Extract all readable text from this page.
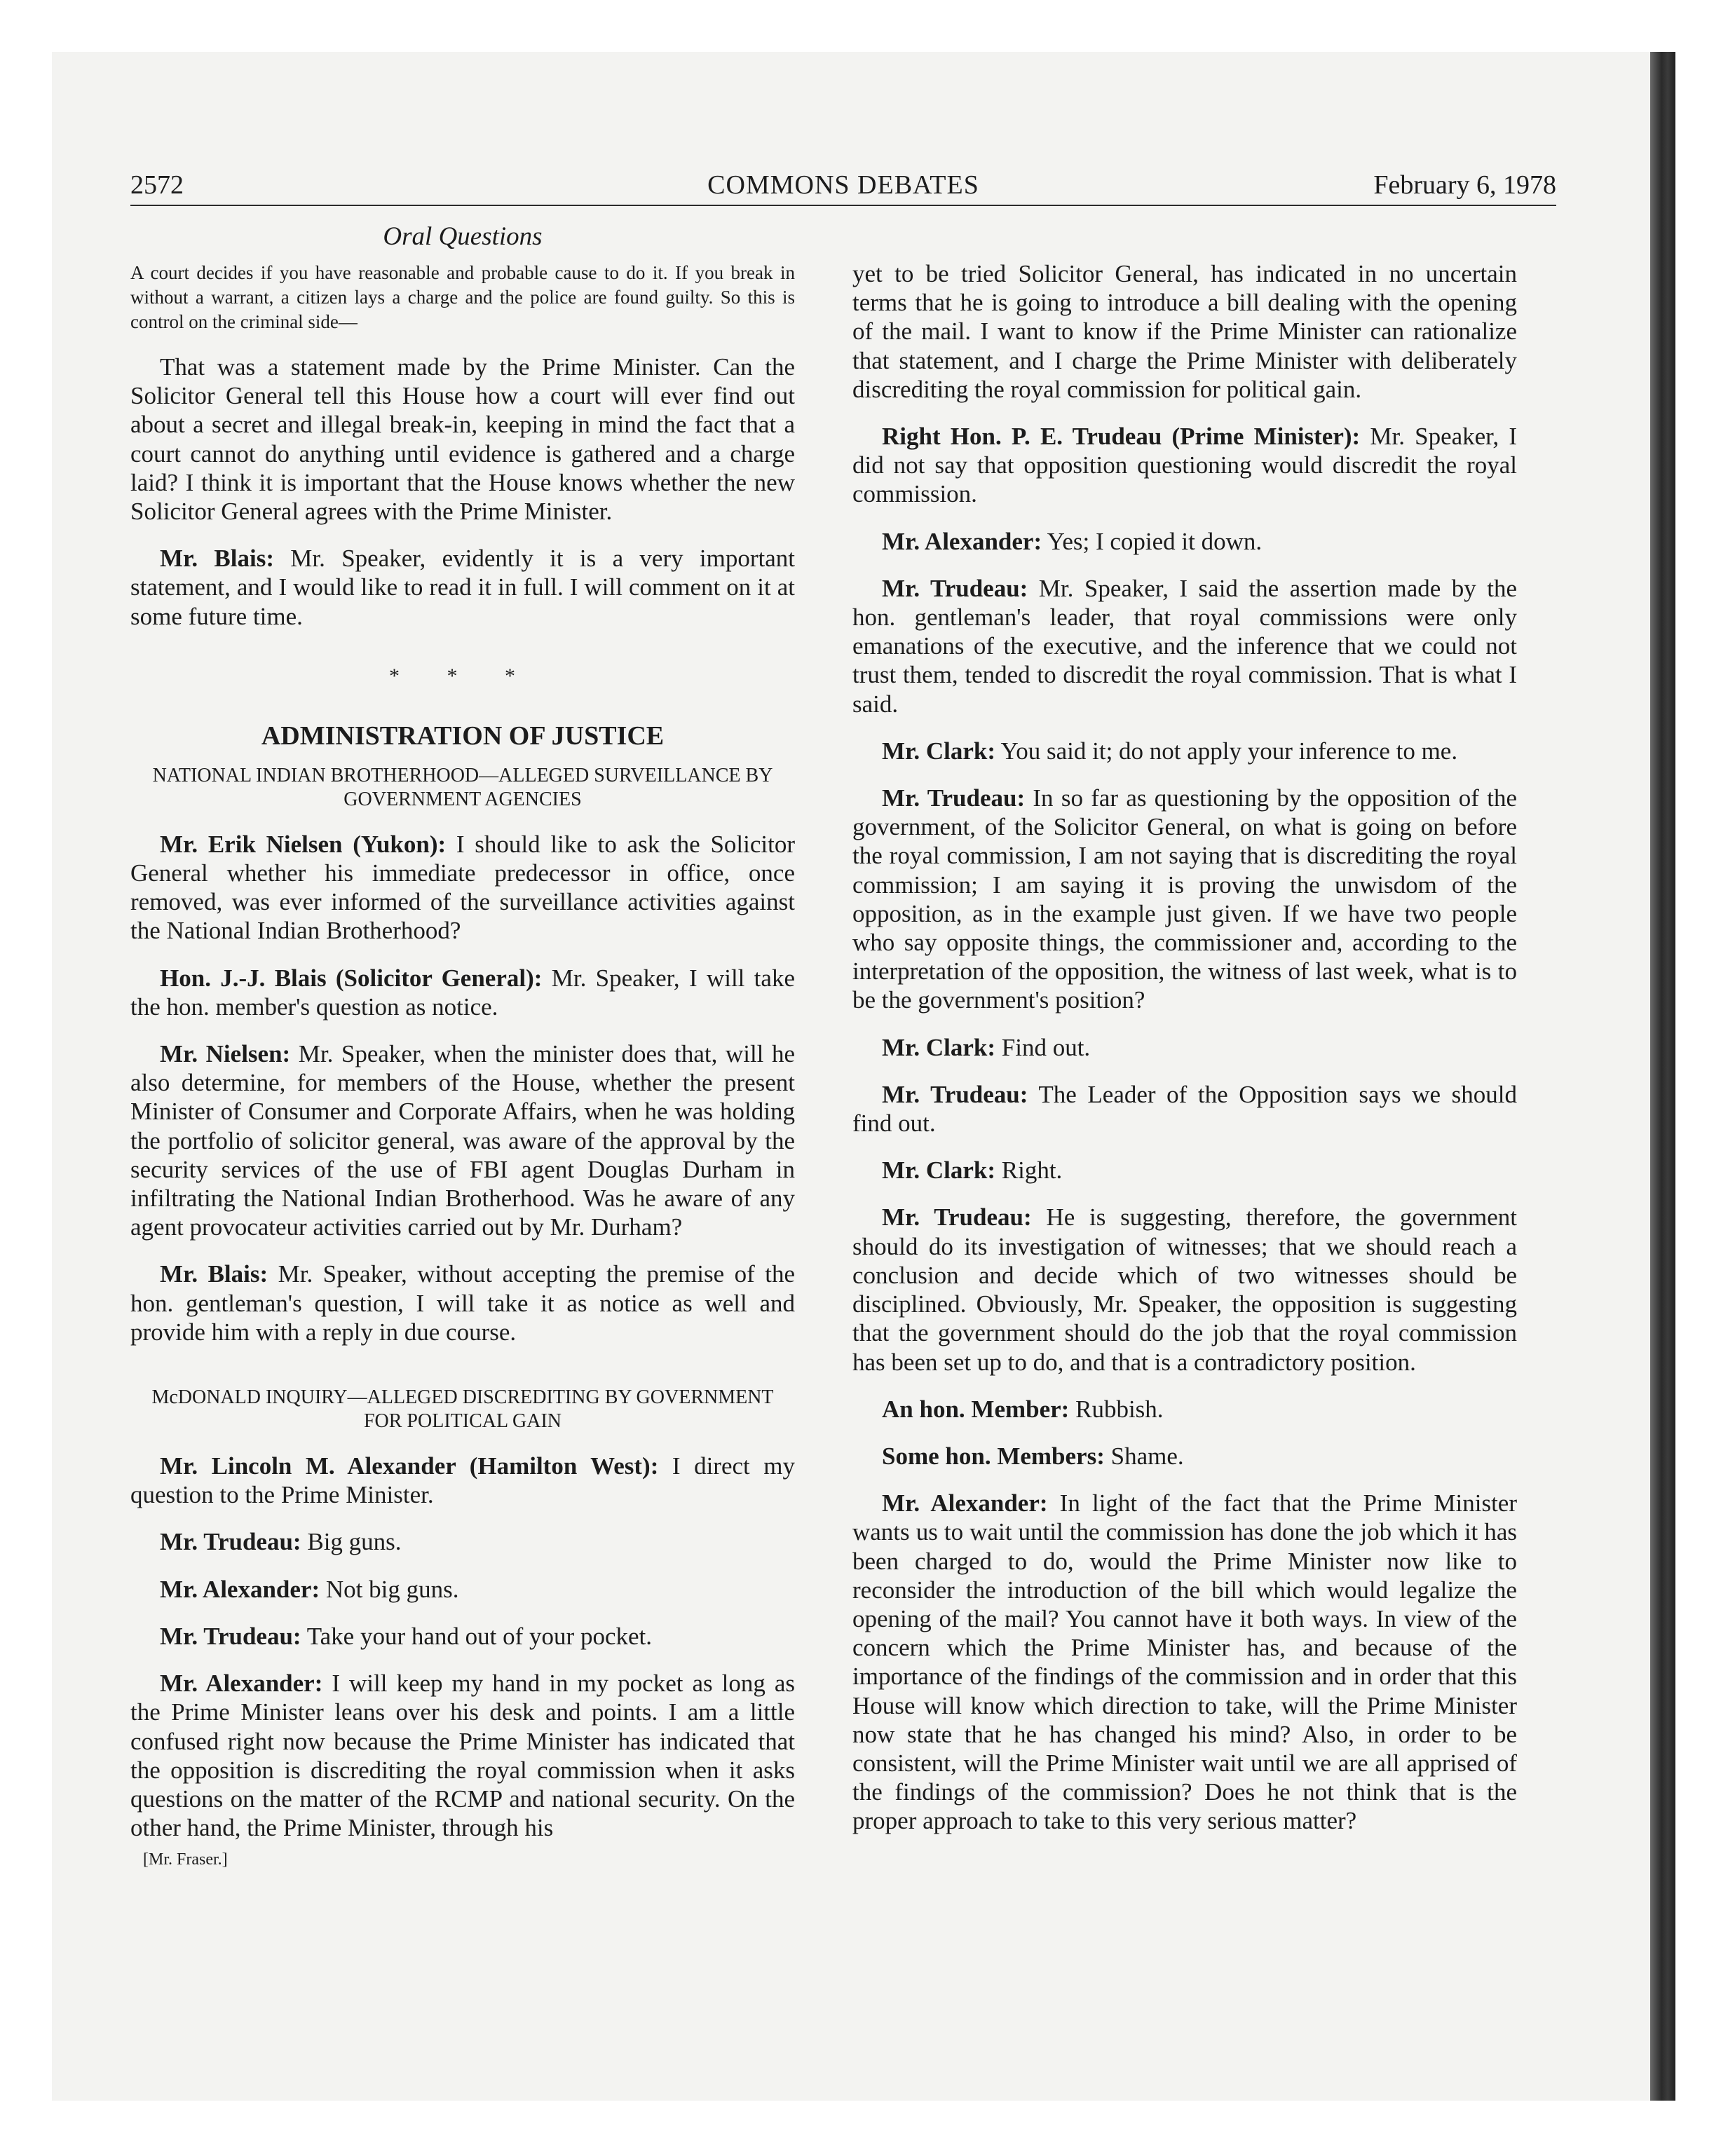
2572	COMMONS DEBATES	February 6, 1978
Oral Questions
A court decides if you have reasonable and probable cause to do it. If you break in without a warrant, a citizen lays a charge and the police are found guilty. So this is control on the criminal side—

That was a statement made by the Prime Minister. Can the Solicitor General tell this House how a court will ever find out about a secret and illegal break-in, keeping in mind the fact that a court cannot do anything until evidence is gathered and a charge laid? I think it is important that the House knows whether the new Solicitor General agrees with the Prime Minister.

Mr. Blais: Mr. Speaker, evidently it is a very important statement, and I would like to read it in full. I will comment on it at some future time.

* * *
ADMINISTRATION OF JUSTICE
NATIONAL INDIAN BROTHERHOOD—ALLEGED SURVEILLANCE BY GOVERNMENT AGENCIES

Mr. Erik Nielsen (Yukon): I should like to ask the Solicitor General whether his immediate predecessor in office, once removed, was ever informed of the surveillance activities against the National Indian Brotherhood?

Hon. J.-J. Blais (Solicitor General): Mr. Speaker, I will take the hon. member's question as notice.

Mr. Nielsen: Mr. Speaker, when the minister does that, will he also determine, for members of the House, whether the present Minister of Consumer and Corporate Affairs, when he was holding the portfolio of solicitor general, was aware of the approval by the security services of the use of FBI agent Douglas Durham in infiltrating the National Indian Brotherhood. Was he aware of any agent provocateur activities carried out by Mr. Durham?

Mr. Blais: Mr. Speaker, without accepting the premise of the hon. gentleman's question, I will take it as notice as well and provide him with a reply in due course.

McDONALD INQUIRY—ALLEGED DISCREDITING BY GOVERNMENT FOR POLITICAL GAIN

Mr. Lincoln M. Alexander (Hamilton West): I direct my question to the Prime Minister.

Mr. Trudeau: Big guns.

Mr. Alexander: Not big guns.

Mr. Trudeau: Take your hand out of your pocket.

Mr. Alexander: I will keep my hand in my pocket as long as the Prime Minister leans over his desk and points. I am a little confused right now because the Prime Minister has indicated that the opposition is discrediting the royal commission when it asks questions on the matter of the RCMP and national security. On the other hand, the Prime Minister, through his

[Mr. Fraser.]

yet to be tried Solicitor General, has indicated in no uncertain terms that he is going to introduce a bill dealing with the opening of the mail. I want to know if the Prime Minister can rationalize that statement, and I charge the Prime Minister with deliberately discrediting the royal commission for political gain.

Right Hon. P. E. Trudeau (Prime Minister): Mr. Speaker, I did not say that opposition questioning would discredit the royal commission.

Mr. Alexander: Yes; I copied it down.

Mr. Trudeau: Mr. Speaker, I said the assertion made by the hon. gentleman's leader, that royal commissions were only emanations of the executive, and the inference that we could not trust them, tended to discredit the royal commission. That is what I said.

Mr. Clark: You said it; do not apply your inference to me.

Mr. Trudeau: In so far as questioning by the opposition of the government, of the Solicitor General, on what is going on before the royal commission, I am not saying that is discrediting the royal commission; I am saying it is proving the unwisdom of the opposition, as in the example just given. If we have two people who say opposite things, the commissioner and, according to the interpretation of the opposition, the witness of last week, what is to be the government's position?

Mr. Clark: Find out.

Mr. Trudeau: The Leader of the Opposition says we should find out.

Mr. Clark: Right.

Mr. Trudeau: He is suggesting, therefore, the government should do its investigation of witnesses; that we should reach a conclusion and decide which of two witnesses should be disciplined. Obviously, Mr. Speaker, the opposition is suggesting that the government should do the job that the royal commission has been set up to do, and that is a contradictory position.

An hon. Member: Rubbish.

Some hon. Members: Shame.

Mr. Alexander: In light of the fact that the Prime Minister wants us to wait until the commission has done the job which it has been charged to do, would the Prime Minister now like to reconsider the introduction of the bill which would legalize the opening of the mail? You cannot have it both ways. In view of the concern which the Prime Minister has, and because of the importance of the findings of the commission and in order that this House will know which direction to take, will the Prime Minister now state that he has changed his mind? Also, in order to be consistent, will the Prime Minister wait until we are all apprised of the findings of the commission? Does he not think that is the proper approach to take to this very serious matter?
